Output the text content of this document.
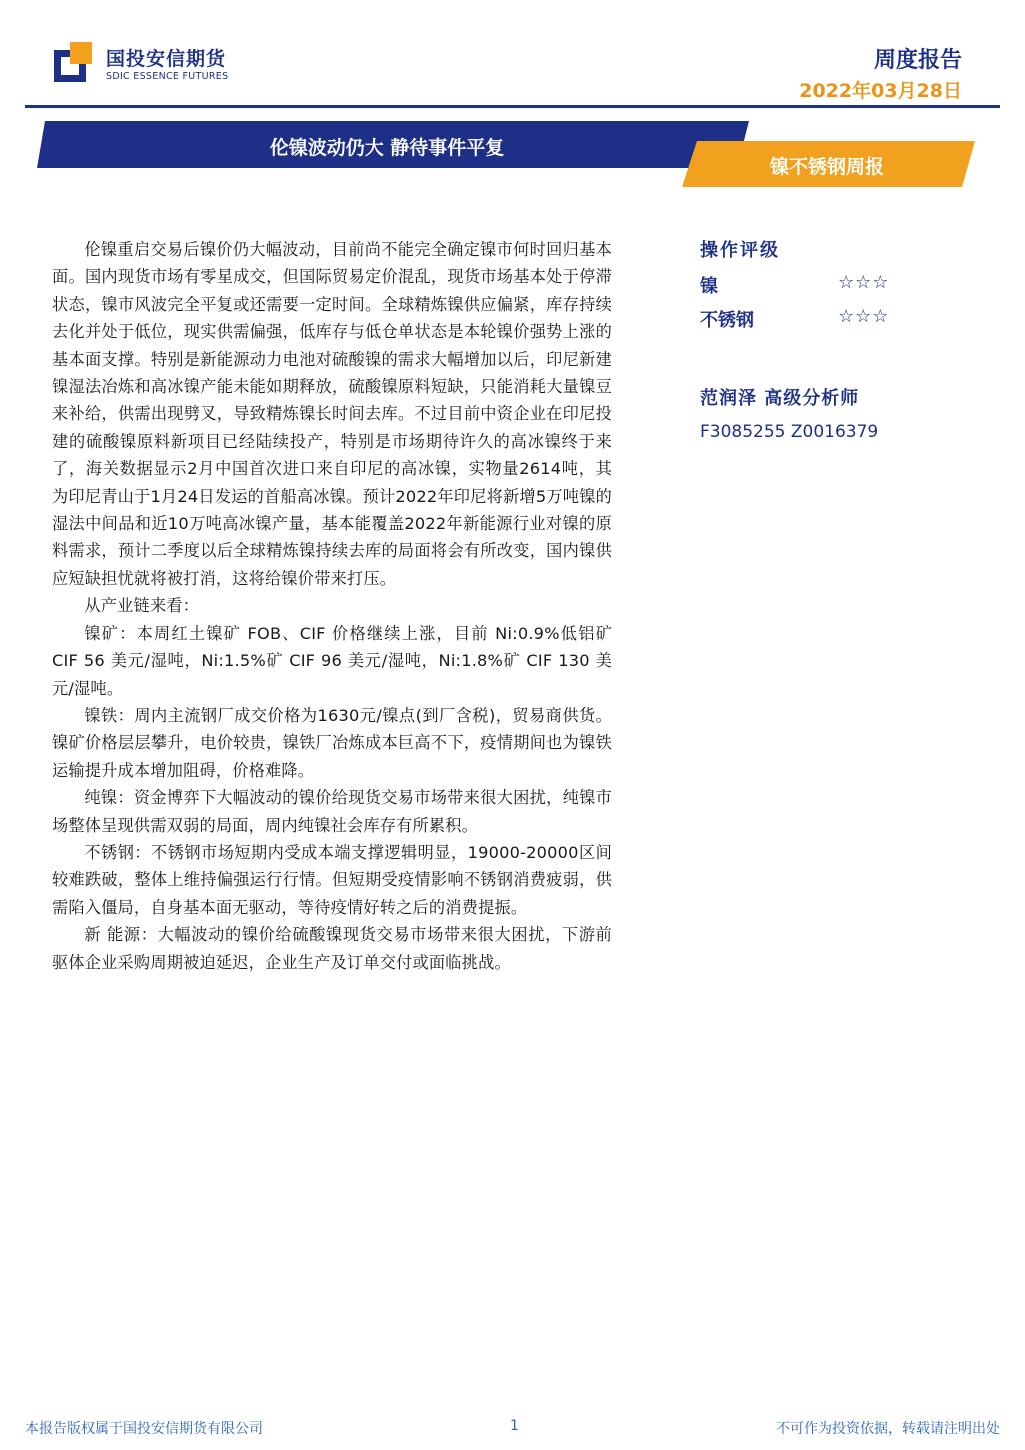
国投安信期货
SDIC ESSENCE FUTURES
周度报告
2022年03月28日
伦镍波动仍大 静待事件平复
镍不锈钢周报

伦镍重启交易后镍价仍大幅波动，目前尚不能完全确定镍市何时回归基本面。国内现货市场有零星成交，但国际贸易定价混乱，现货市场基本处于停滞状态，镍市风波完全平复或还需要一定时间。全球精炼镍供应偏紧，库存持续去化并处于低位，现实供需偏强，低库存与低仓单状态是本轮镍价强势上涨的基本面支撑。特别是新能源动力电池对硫酸镍的需求大幅增加以后，印尼新建镍湿法冶炼和高冰镍产能未能如期释放，硫酸镍原料短缺，只能消耗大量镍豆来补给，供需出现劈叉，导致精炼镍长时间去库。不过目前中资企业在印尼投建的硫酸镍原料新项目已经陆续投产，特别是市场期待许久的高冰镍终于来了，海关数据显示2月中国首次进口来自印尼的高冰镍，实物量2614吨，其为印尼青山于1月24日发运的首船高冰镍。预计2022年印尼将新增5万吨镍的湿法中间品和近10万吨高冰镍产量，基本能覆盖2022年新能源行业对镍的原料需求，预计二季度以后全球精炼镍持续去库的局面将会有所改变，国内镍供应短缺担忧就将被打消，这将给镍价带来打压。

从产业链来看：

镍矿：本周红土镍矿 FOB、CIF 价格继续上涨，目前 Ni:0.9%低铝矿 CIF 56 美元/湿吨，Ni:1.5%矿 CIF 96 美元/湿吨，Ni:1.8%矿 CIF 130 美元/湿吨。

镍铁：周内主流钢厂成交价格为1630元/镍点(到厂含税)，贸易商供货。镍矿价格层层攀升，电价较贵，镍铁厂冶炼成本巨高不下，疫情期间也为镍铁运输提升成本增加阻碍，价格难降。

纯镍：资金博弈下大幅波动的镍价给现货交易市场带来很大困扰，纯镍市场整体呈现供需双弱的局面，周内纯镍社会库存有所累积。

不锈钢：不锈钢市场短期内受成本端支撑逻辑明显，19000-20000区间较难跌破，整体上维持偏强运行行情。但短期受疫情影响不锈钢消费疲弱，供需陷入僵局，自身基本面无驱动，等待疫情好转之后的消费提振。

新 能源：大幅波动的镍价给硫酸镍现货交易市场带来很大困扰，下游前驱体企业采购周期被迫延迟，企业生产及订单交付或面临挑战。

操作评级
镍	☆☆☆
不锈钢	☆☆☆
范润泽 高级分析师
F3085255 Z0016379
本报告版权属于国投安信期货有限公司	1	不可作为投资依据，转载请注明出处
